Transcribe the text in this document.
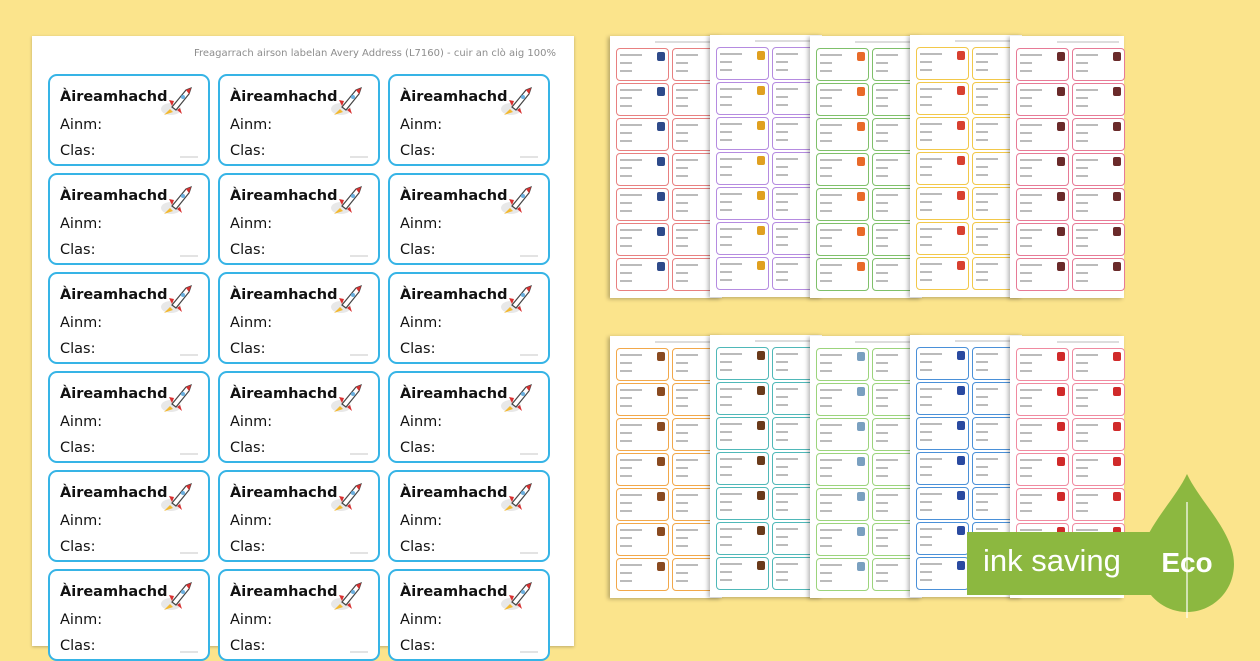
Freagarrach airson labelan Avery Address (L7160) - cuir an clò aig 100%
Àireamhachd
Ainm:
Clas:
Àireamhachd
Ainm:
Clas:
Àireamhachd
Ainm:
Clas:
Àireamhachd
Ainm:
Clas:
Àireamhachd
Ainm:
Clas:
Àireamhachd
Ainm:
Clas:
Àireamhachd
Ainm:
Clas:
Àireamhachd
Ainm:
Clas:
Àireamhachd
Ainm:
Clas:
Àireamhachd
Ainm:
Clas:
Àireamhachd
Ainm:
Clas:
Àireamhachd
Ainm:
Clas:
Àireamhachd
Ainm:
Clas:
Àireamhachd
Ainm:
Clas:
Àireamhachd
Ainm:
Clas:
Àireamhachd
Ainm:
Clas:
Àireamhachd
Ainm:
Clas:
Àireamhachd
Ainm:
Clas:
ink saving Eco
